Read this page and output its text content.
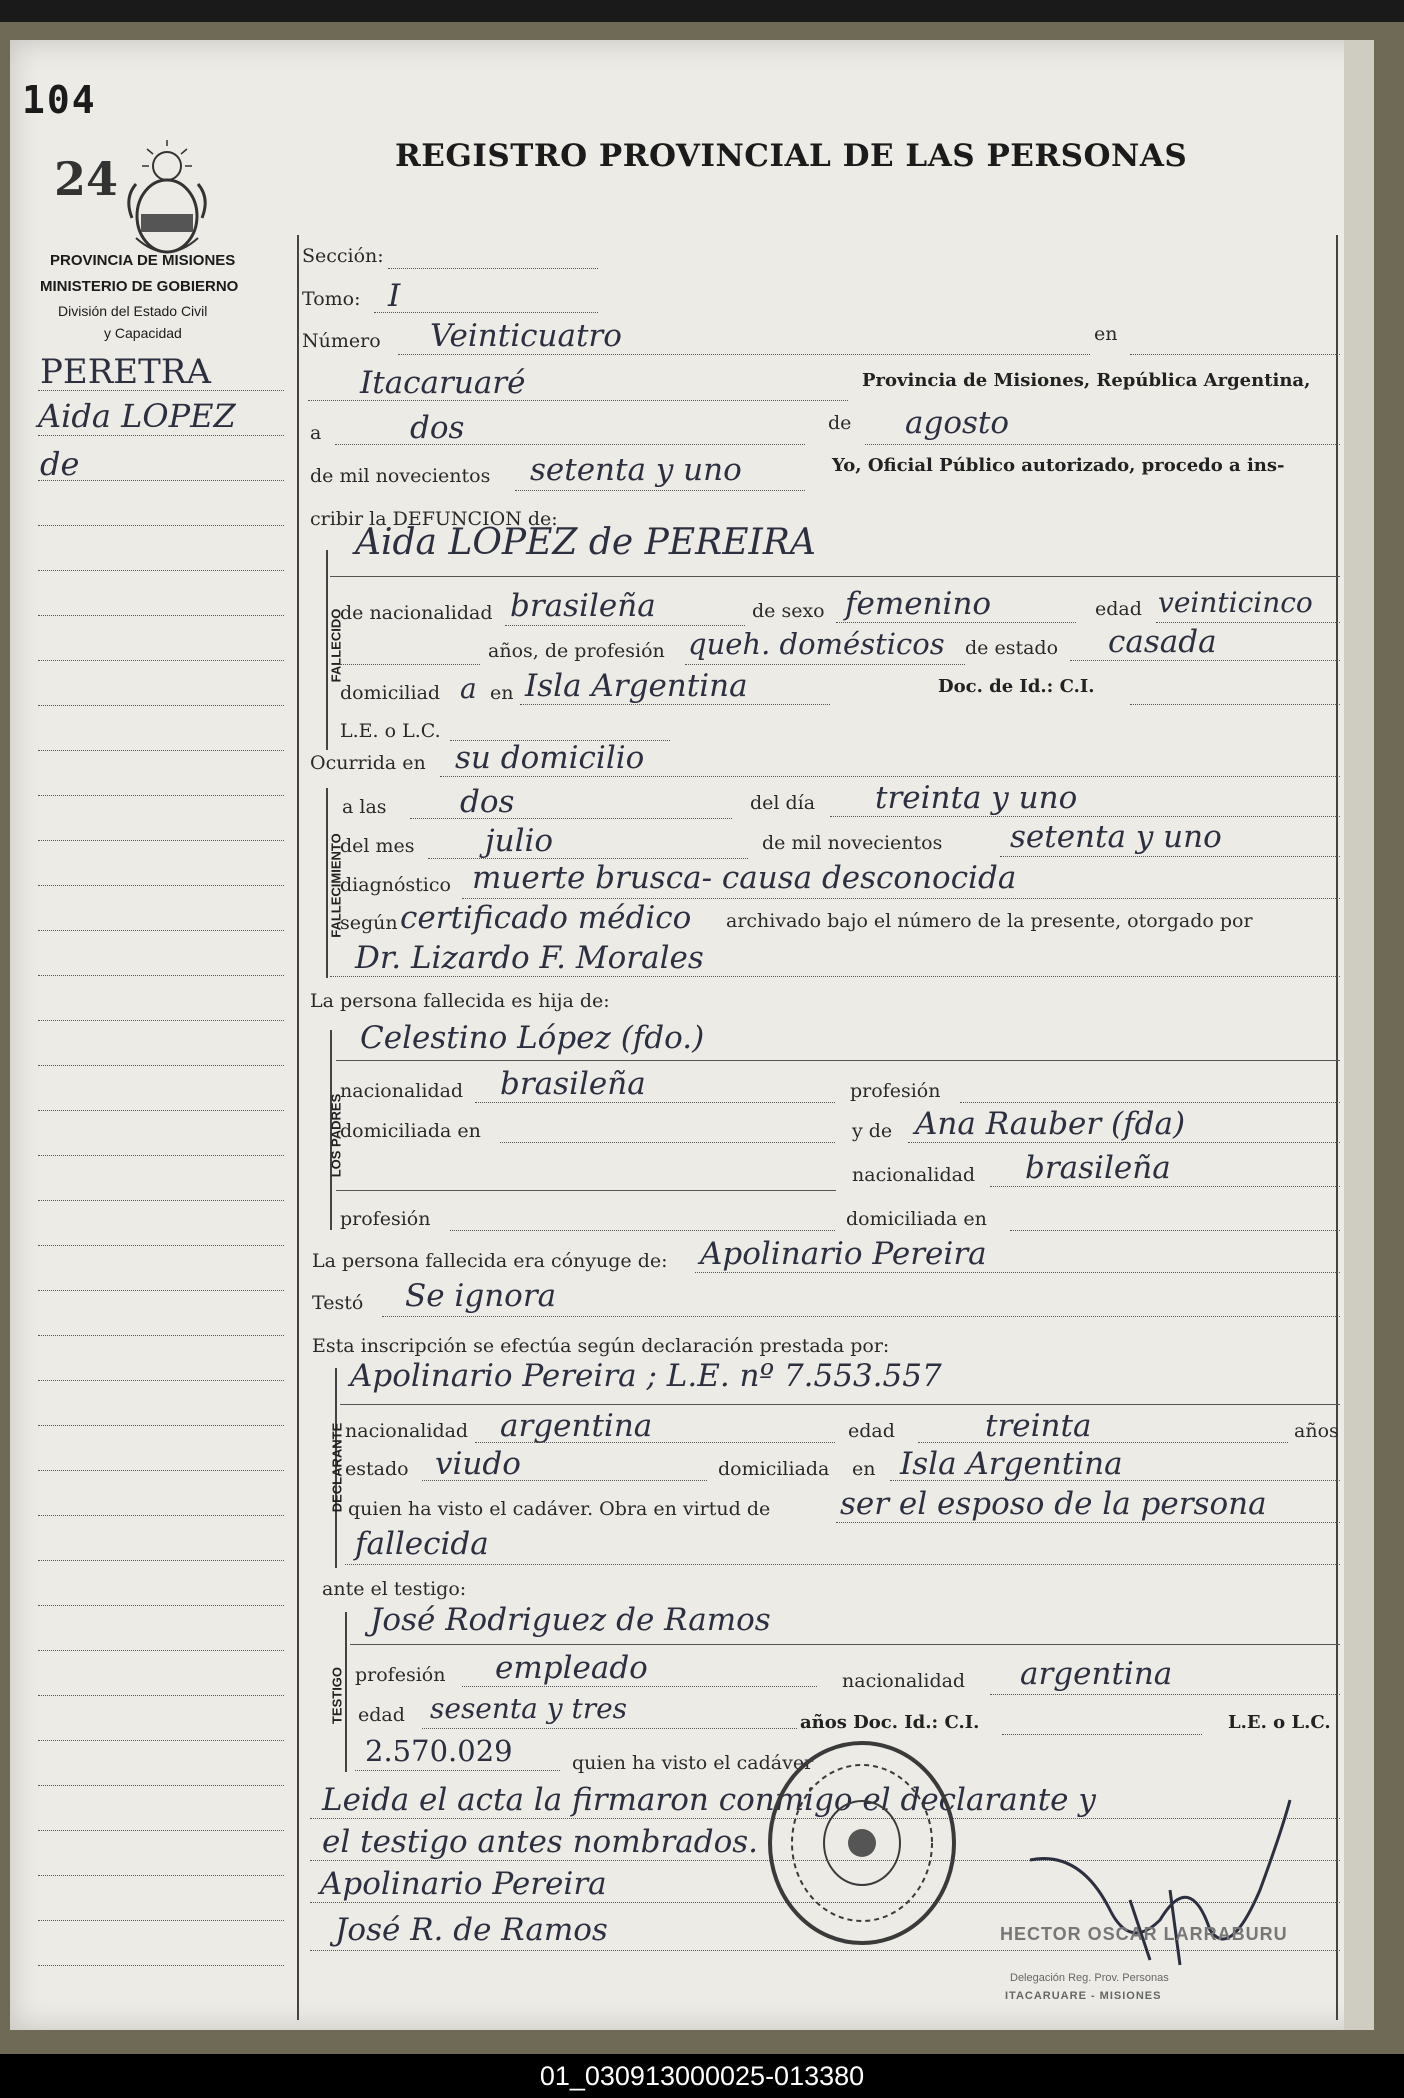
104
24	REGISTRO PROVINCIAL DE LAS PERSONAS
PROVINCIA DE MISIONES
MINISTERIO DE GOBIERNO
División del Estado Civil
y Capacidad
PERETRA
Aida LOPEZ
de
Sección:
Tomo: I
Número Veinticuatro	en
Itacaruaré	Provincia de Misiones, República Argentina,
a	dos	de agosto
de mil novecientos setenta y uno	Yo, Oficial Público autorizado, procedo a ins-
cribir la DEFUNCION de:
FALLECIDO
Aida LOPEZ de PEREIRA
de nacionalidad brasileña	de sexo femenino	edad veinticinco
años, de profesión queh. domésticos de estado casada
domiciliad a en Isla Argentina	Doc. de Id.: C.I.
L.E. o L.C.
Ocurrida en su domicilio
FALLECIMIENTO
a las dos	del día treinta y uno
del mes julio	de mil novecientos setenta y uno
diagnóstico muerte brusca- causa desconocida
según certificado médico archivado bajo el número de la presente, otorgado por
Dr. Lizardo F. Morales
La persona fallecida es hija de:
LOS PADRES
Celestino López (fdo.)
nacionalidad brasileña	profesión
domiciliada en	y de Ana Rauber (fda)
nacionalidad brasileña
profesión	domiciliada en
La persona fallecida era cónyuge de: Apolinario Pereira
Testó Se ignora
Esta inscripción se efectúa según declaración prestada por:
DECLARANTE
Apolinario Pereira ; L.E. nº 7.553.557
nacionalidad argentina	edad	treinta	años
estado viudo	domiciliada en Isla Argentina
quien ha visto el cadáver. Obra en virtud de ser el esposo de la persona
fallecida
ante el testigo:
TESTIGO
José Rodriguez de Ramos
profesión empleado	nacionalidad argentina
edad sesenta y tres	años Doc. Id.: C.I.	L.E. o L.C.
2.570.029	quien ha visto el cadáver
Leida el acta la firmaron conmigo el declarante y
el testigo antes nombrados.
Apolinario Pereira
José R. de Ramos	HECTOR OSCAR LARRABURU
Delegación Reg. Prov. Personas
ITACARUARE - MISIONES
01_030913000025-013380
